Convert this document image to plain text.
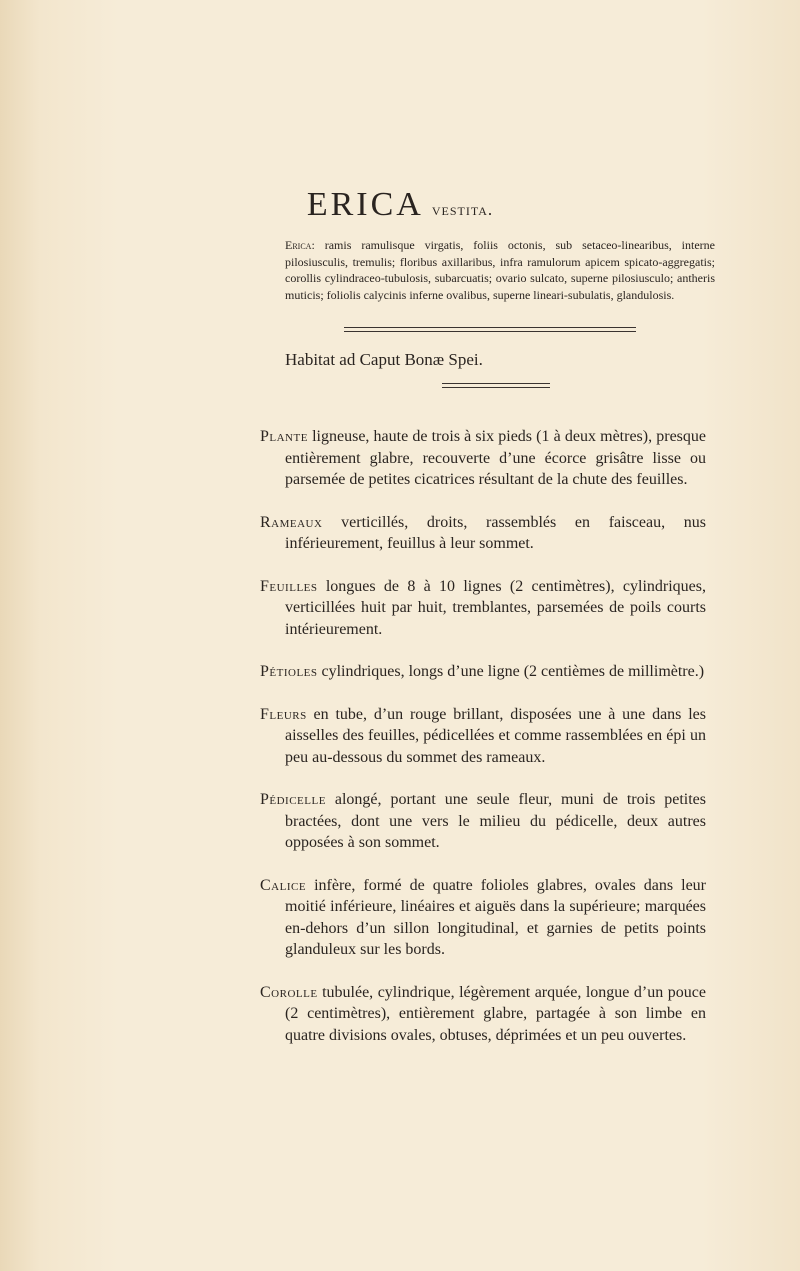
ERICA vestita.
Erica: ramis ramulisque virgatis, foliis octonis, sub setaceo-linearibus, interne pilosiusculis, tremulis; floribus axillaribus, infra ramulorum apicem spicato-aggregatis; corollis cylindraceo-tubulosis, subarcuatis; ovario sulcato, superne pilosiusculo; antheris muticis; foliolis calycinis inferne ovalibus, superne lineari-subulatis, glandulosis.
Habitat ad Caput Bonæ Spei.

Plante ligneuse, haute de trois à six pieds (1 à deux mètres), presque entièrement glabre, recouverte d’une écorce grisâtre lisse ou parsemée de petites cicatrices résultant de la chute des feuilles.

Rameaux verticillés, droits, rassemblés en faisceau, nus inférieurement, feuillus à leur sommet.

Feuilles longues de 8 à 10 lignes (2 centimètres), cylindriques, verticillées huit par huit, tremblantes, parsemées de poils courts intérieurement.

Pétioles cylindriques, longs d’une ligne (2 centièmes de millimètre.)

Fleurs en tube, d’un rouge brillant, disposées une à une dans les aisselles des feuilles, pédicellées et comme rassemblées en épi un peu au-dessous du sommet des rameaux.

Pédicelle alongé, portant une seule fleur, muni de trois petites bractées, dont une vers le milieu du pédicelle, deux autres opposées à son sommet.

Calice infère, formé de quatre folioles glabres, ovales dans leur moitié inférieure, linéaires et aiguës dans la supérieure; marquées en-dehors d’un sillon longitudinal, et garnies de petits points glanduleux sur les bords.

Corolle tubulée, cylindrique, légèrement arquée, longue d’un pouce (2 centimètres), entièrement glabre, partagée à son limbe en quatre divisions ovales, obtuses, déprimées et un peu ouvertes.
